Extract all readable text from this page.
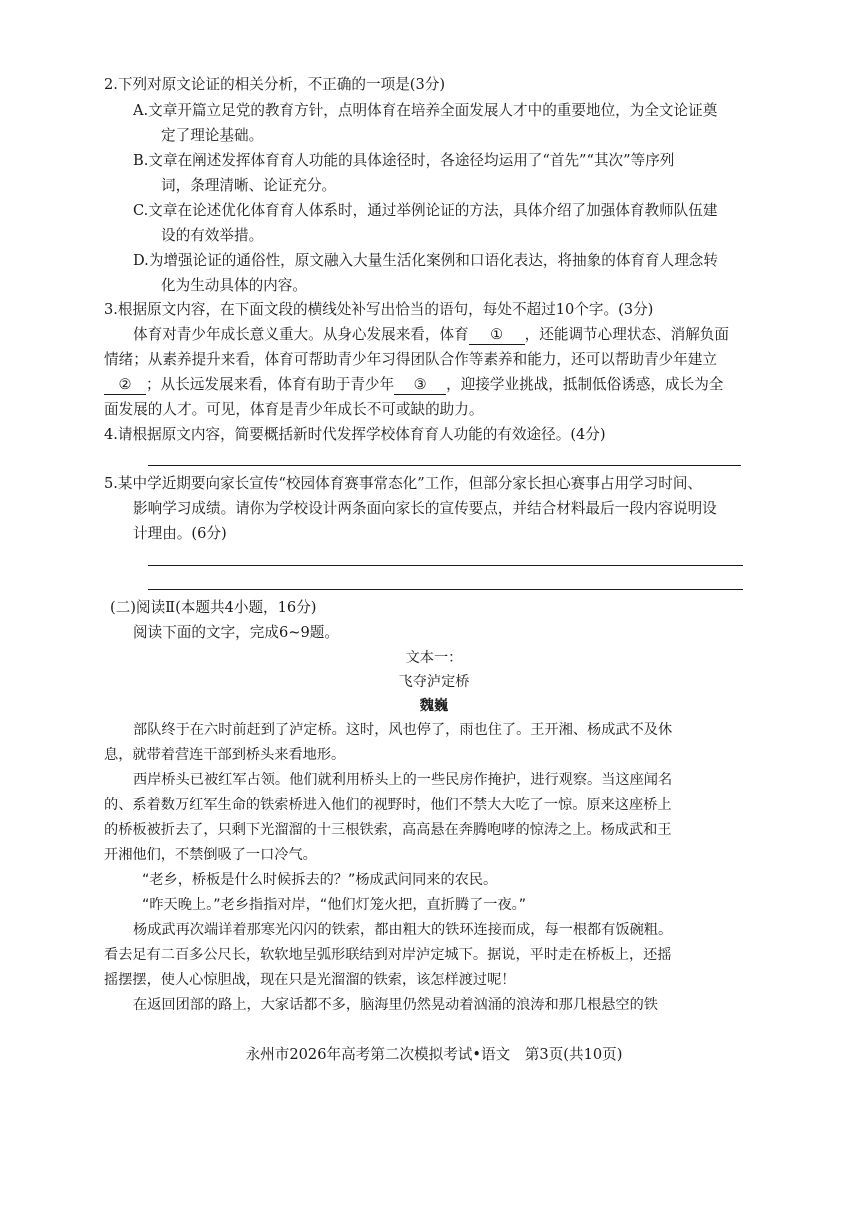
2.下列对原文论证的相关分析，不正确的一项是(3分)
A.文章开篇立足党的教育方针，点明体育在培养全面发展人才中的重要地位，为全文论证奠
定了理论基础。
B.文章在阐述发挥体育育人功能的具体途径时，各途径均运用了“首先”“其次”等序列
词，条理清晰、论证充分。
C.文章在论述优化体育育人体系时，通过举例论证的方法，具体介绍了加强体育教师队伍建
设的有效举措。
D.为增强论证的通俗性，原文融入大量生活化案例和口语化表达，将抽象的体育育人理念转
化为生动具体的内容。
3.根据原文内容，在下面文段的横线处补写出恰当的语句，每处不超过10个字。(3分)
体育对青少年成长意义重大。从身心发展来看，体育 ① ，还能调节心理状态、消解负面
情绪；从素养提升来看，体育可帮助青少年习得团队合作等素养和能力，还可以帮助青少年建立
② ；从长远发展来看，体育有助于青少年 ③ ，迎接学业挑战，抵制低俗诱惑，成长为全
面发展的人才。可见，体育是青少年成长不可或缺的助力。
4.请根据原文内容，简要概括新时代发挥学校体育育人功能的有效途径。(4分)
5.某中学近期要向家长宣传“校园体育赛事常态化”工作，但部分家长担心赛事占用学习时间、
影响学习成绩。请你为学校设计两条面向家长的宣传要点，并结合材料最后一段内容说明设
计理由。(6分)
(二)阅读Ⅱ(本题共4小题，16分)
阅读下面的文字，完成6~9题。
文本一：
飞夺泸定桥
魏巍
部队终于在六时前赶到了泸定桥。这时，风也停了，雨也住了。王开湘、杨成武不及休
息，就带着营连干部到桥头来看地形。
西岸桥头已被红军占领。他们就利用桥头上的一些民房作掩护，进行观察。当这座闻名
的、系着数万红军生命的铁索桥进入他们的视野时，他们不禁大大吃了一惊。原来这座桥上
的桥板被折去了，只剩下光溜溜的十三根铁索，高高悬在奔腾咆哮的惊涛之上。杨成武和王
开湘他们，不禁倒吸了一口冷气。
“老乡，桥板是什么时候拆去的？”杨成武问同来的农民。
“昨天晚上。”老乡指指对岸，“他们灯笼火把，直折腾了一夜。”
杨成武再次端详着那寒光闪闪的铁索，都由粗大的铁环连接而成，每一根都有饭碗粗。
看去足有二百多公尺长，软软地呈弧形联结到对岸泸定城下。据说，平时走在桥板上，还摇
摇摆摆，使人心惊胆战，现在只是光溜溜的铁索，该怎样渡过呢！
在返回团部的路上，大家话都不多，脑海里仍然晃动着汹涌的浪涛和那几根悬空的铁
永州市2026年高考第二次模拟考试•语文　第3页(共10页)
